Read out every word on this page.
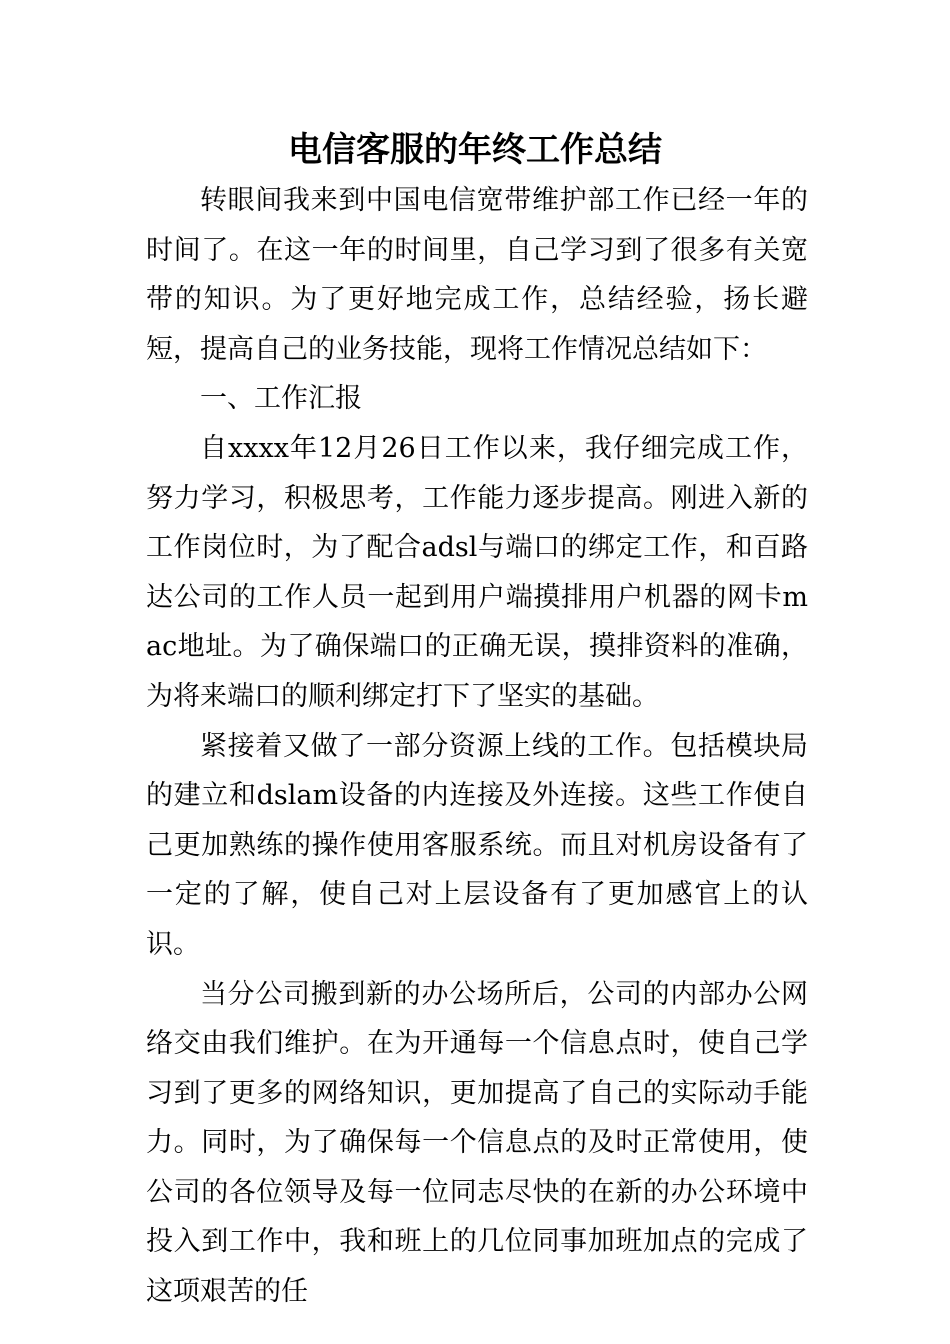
电信客服的年终工作总结

转眼间我来到中国电信宽带维护部工作已经一年的时间了。在这一年的时间里，自己学习到了很多有关宽带的知识。为了更好地完成工作，总结经验，扬长避短，提高自己的业务技能，现将工作情况总结如下：

一、工作汇报

自xxxx年12月26日工作以来，我仔细完成工作，努力学习，积极思考，工作能力逐步提高。刚进入新的工作岗位时，为了配合adsl与端口的绑定工作，和百路达公司的工作人员一起到用户端摸排用户机器的网卡mac地址。为了确保端口的正确无误，摸排资料的准确，为将来端口的顺利绑定打下了坚实的基础。

紧接着又做了一部分资源上线的工作。包括模块局的建立和dslam设备的内连接及外连接。这些工作使自己更加熟练的操作使用客服系统。而且对机房设备有了一定的了解，使自己对上层设备有了更加感官上的认识。

当分公司搬到新的办公场所后，公司的内部办公网络交由我们维护。在为开通每一个信息点时，使自己学习到了更多的网络知识，更加提高了自己的实际动手能力。同时，为了确保每一个信息点的及时正常使用，使公司的各位领导及每一位同志尽快的在新的办公环境中投入到工作中，我和班上的几位同事加班加点的完成了这项艰苦的任
